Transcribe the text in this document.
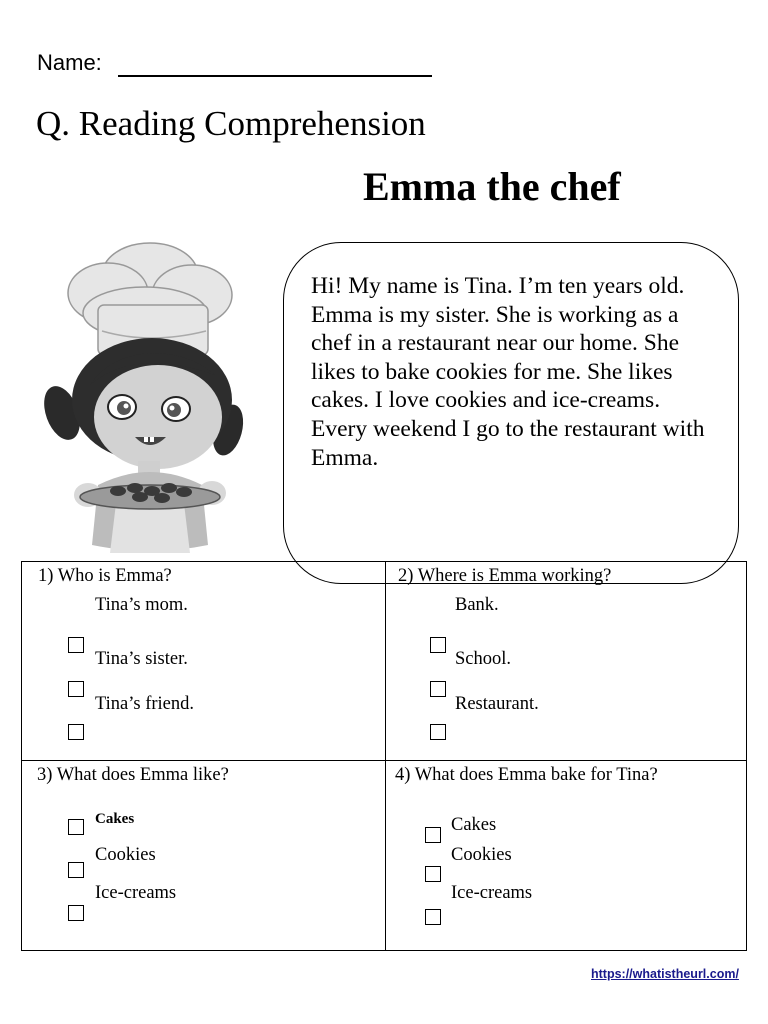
Name:
Q. Reading Comprehension
Emma the chef
Hi! My name is Tina. I’m ten years old. Emma is my sister. She is working as a chef in a restaurant near our home. She likes to bake cookies for me. She likes cakes. I love cookies and ice-creams. Every weekend I go to the restaurant with Emma.
1) Who is Emma?
Tina’s mom.
Tina’s sister.
Tina’s friend.
2) Where is Emma working?
Bank.
School.
Restaurant.
3) What does Emma like?
Cakes
Cookies
Ice-creams
4) What does Emma bake for Tina?
Cakes
Cookies
Ice-creams
https://whatistheurl.com/
